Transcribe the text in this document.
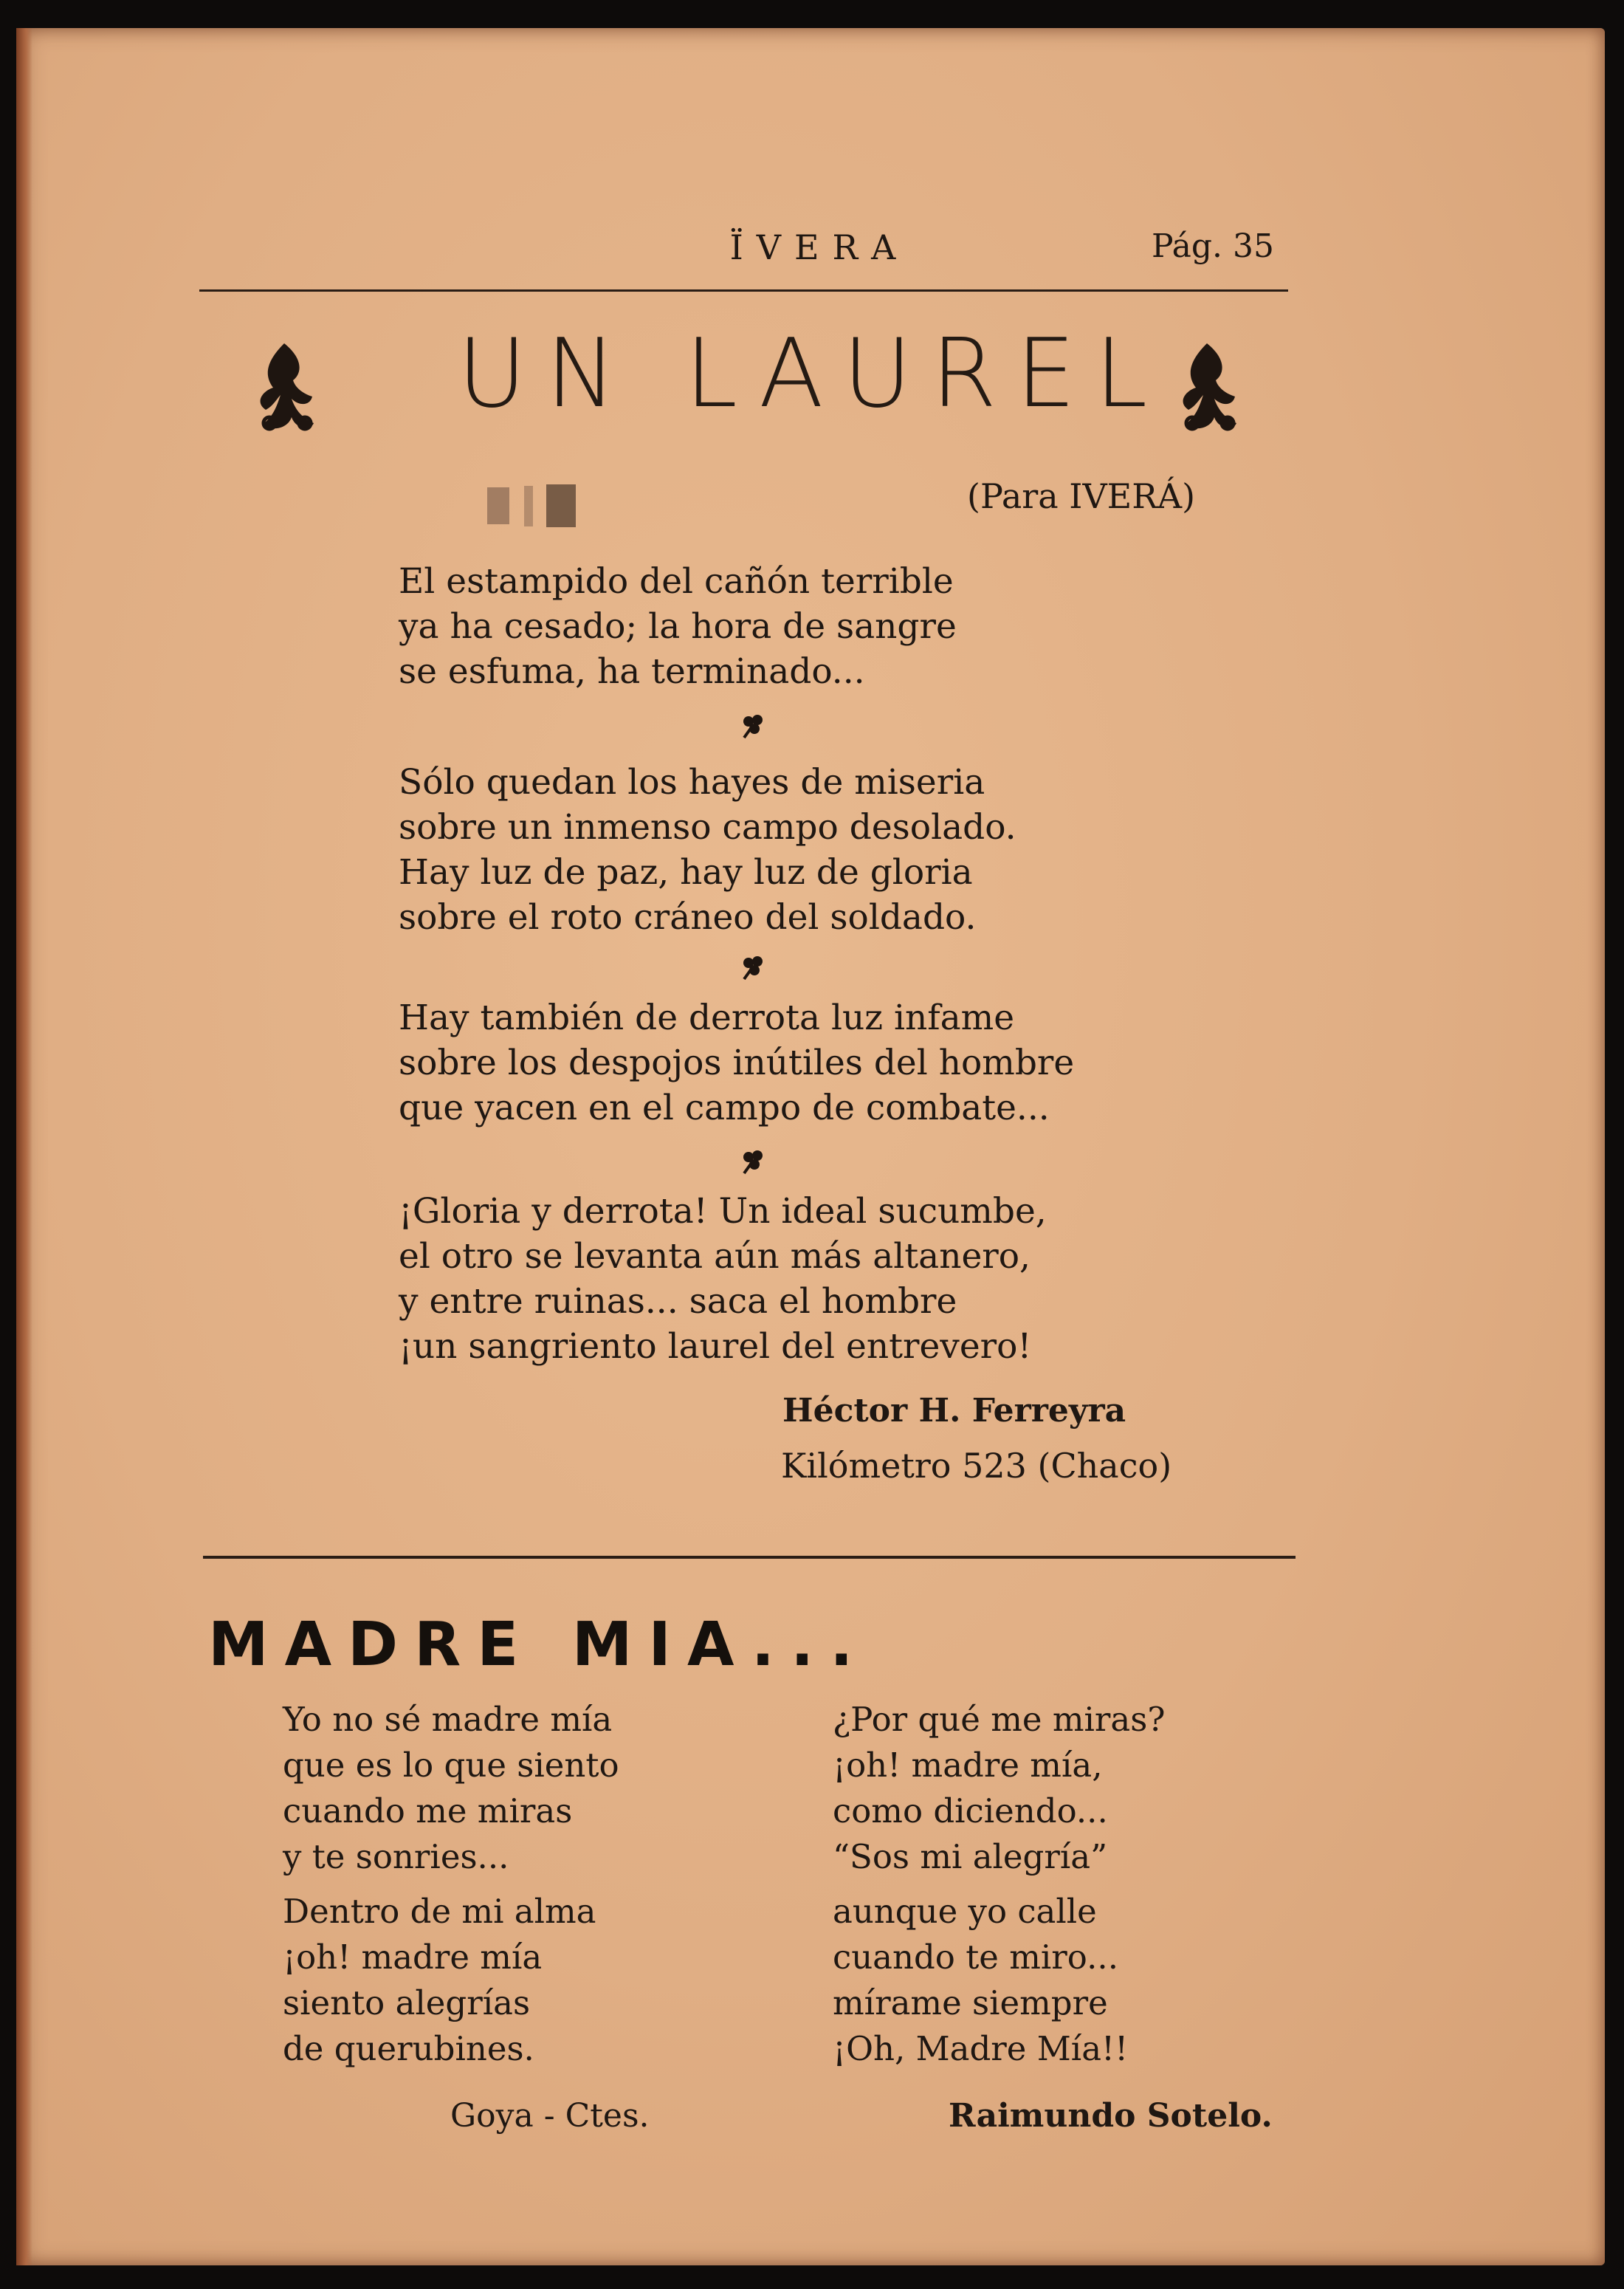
ÏVERA	Pág. 35
UN LAUREL
(Para IVERÁ)
El estampido del cañón terrible
ya ha cesado; la hora de sangre
se esfuma, ha terminado...
Sólo quedan los hayes de miseria
sobre un inmenso campo desolado.
Hay luz de paz, hay luz de gloria
sobre el roto cráneo del soldado.
Hay también de derrota luz infame
sobre los despojos inútiles del hombre
que yacen en el campo de combate...
¡Gloria y derrota! Un ideal sucumbe,
el otro se levanta aún más altanero,
y entre ruinas... saca el hombre
¡un sangriento laurel del entrevero!
Héctor H. Ferreyra
Kilómetro 523 (Chaco)
MADRE MIA...
Yo no sé madre mía
que es lo que siento
cuando me miras
y te sonries...
Dentro de mi alma
¡oh! madre mía
siento alegrías
de querubines.
¿Por qué me miras?
¡oh! madre mía,
como diciendo...
“Sos mi alegría”
aunque yo calle
cuando te miro...
mírame siempre
¡Oh, Madre Mía!!
Goya - Ctes.	Raimundo Sotelo.
